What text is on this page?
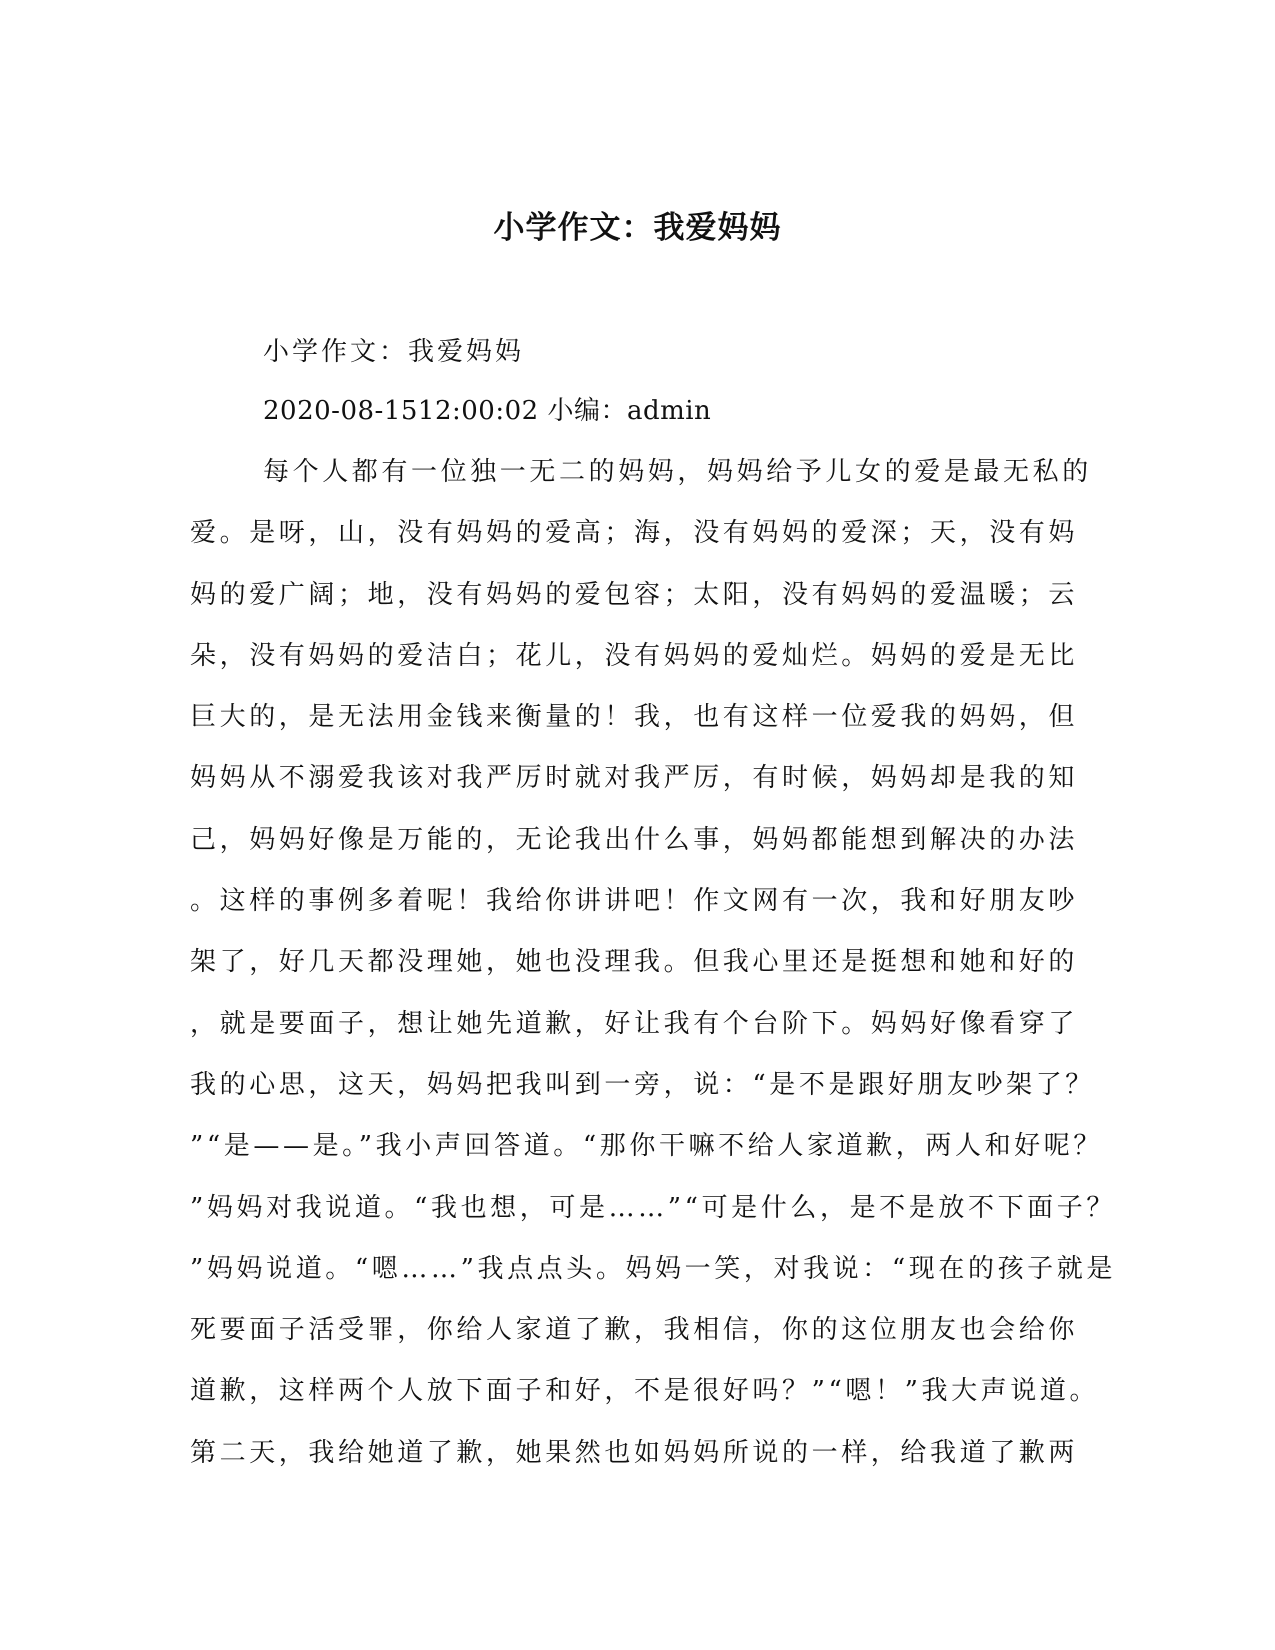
小学作文：我爱妈妈
小学作文：我爱妈妈
2020-08-1512:00:02 小编：admin
每个人都有一位独一无二的妈妈，妈妈给予儿女的爱是最无私的
爱。是呀，山，没有妈妈的爱高；海，没有妈妈的爱深；天，没有妈
妈的爱广阔；地，没有妈妈的爱包容；太阳，没有妈妈的爱温暖；云
朵，没有妈妈的爱洁白；花儿，没有妈妈的爱灿烂。妈妈的爱是无比
巨大的，是无法用金钱来衡量的！我，也有这样一位爱我的妈妈，但
妈妈从不溺爱我该对我严厉时就对我严厉，有时候，妈妈却是我的知
己，妈妈好像是万能的，无论我出什么事，妈妈都能想到解决的办法
。这样的事例多着呢！我给你讲讲吧！作文网有一次，我和好朋友吵
架了，好几天都没理她，她也没理我。但我心里还是挺想和她和好的
，就是要面子，想让她先道歉，好让我有个台阶下。妈妈好像看穿了
我的心思，这天，妈妈把我叫到一旁，说：“是不是跟好朋友吵架了？
”“是——是。”我小声回答道。“那你干嘛不给人家道歉，两人和好呢？
”妈妈对我说道。“我也想，可是……”“可是什么，是不是放不下面子？
”妈妈说道。“嗯……”我点点头。妈妈一笑，对我说：“现在的孩子就是
死要面子活受罪，你给人家道了歉，我相信，你的这位朋友也会给你
道歉，这样两个人放下面子和好，不是很好吗？”“嗯！”我大声说道。
第二天，我给她道了歉，她果然也如妈妈所说的一样，给我道了歉两
